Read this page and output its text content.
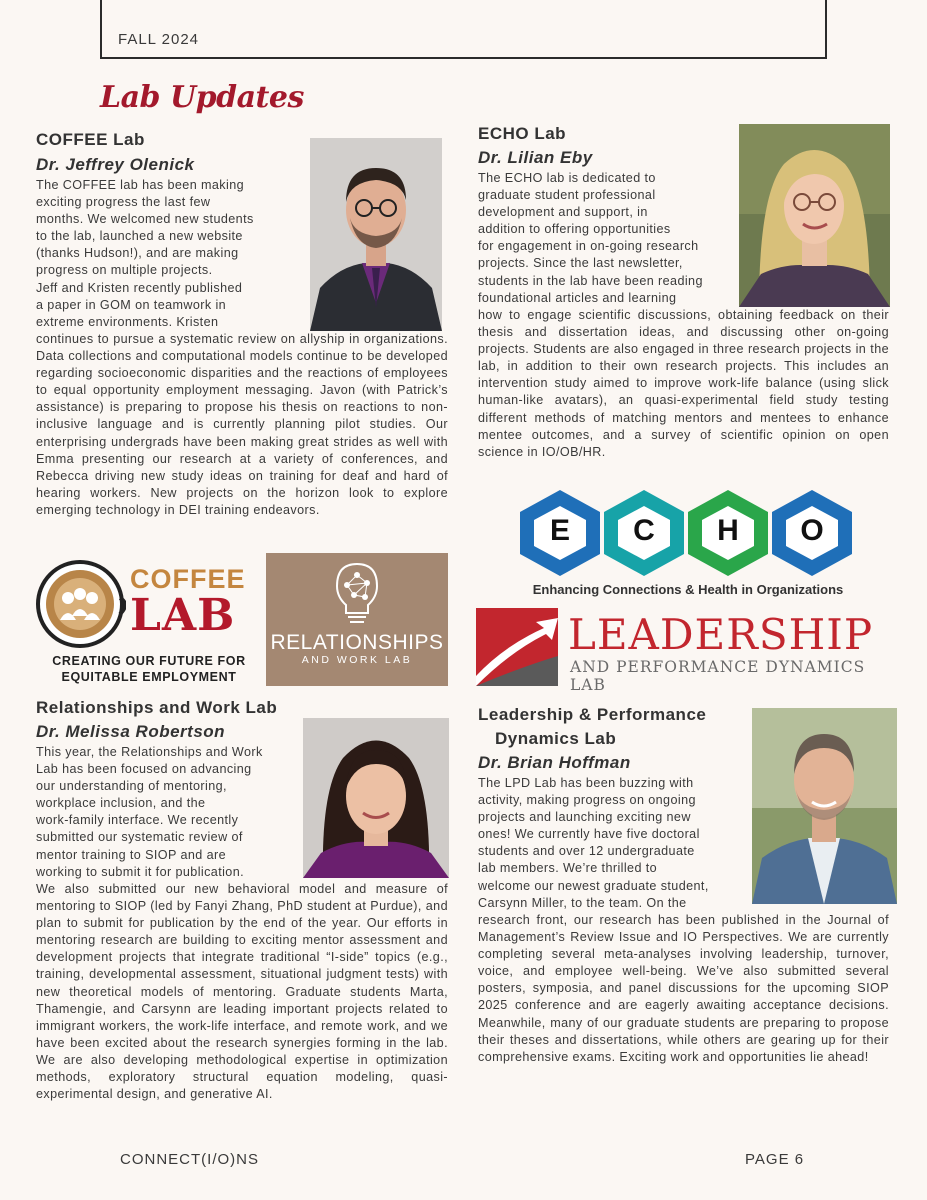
FALL 2024
Lab Updates
COFFEE Lab
Dr. Jeffrey Olenick
The COFFEE lab has been making
exciting progress the last few
months. We welcomed new students
to the lab, launched a new website
(thanks Hudson!), and are making
progress on multiple projects.
Jeff and Kristen recently published
a paper in GOM on teamwork in
extreme environments. Kristen
continues to pursue a systematic review on allyship in organizations. Data collections and computational models continue to be developed regarding socioeconomic disparities and the reactions of employees to equal opportunity employment messaging. Javon (with Patrick’s assistance) is preparing to propose his thesis on reactions to non-inclusive language and is currently planning pilot studies. Our enterprising undergrads have been making great strides as well with Emma presenting our research at a variety of conferences, and Rebecca driving new study ideas on training for deaf and hard of hearing workers. New projects on the horizon look to explore emerging technology in DEI training endeavors.
COFFEE
LAB
CREATING OUR FUTURE FOR
EQUITABLE EMPLOYMENT
RELATIONSHIPS
AND WORK LAB
Relationships and Work Lab
Dr. Melissa Robertson
This year, the Relationships and Work
Lab has been focused on advancing
our understanding of mentoring,
workplace inclusion, and the
work-family interface. We recently
submitted our systematic review of
mentor training to SIOP and are
working to submit it for publication.
We also submitted our new behavioral model and measure of mentoring to SIOP (led by Fanyi Zhang, PhD student at Purdue), and plan to submit for publication by the end of the year. Our efforts in mentoring research are building to exciting mentor assessment and development projects that integrate traditional “I-side” topics (e.g., training, developmental assessment, situational judgment tests) with new theoretical models of mentoring. Graduate students Marta, Thamengie, and Carsynn are leading important projects related to immigrant workers, the work-life interface, and remote work, and we have been excited about the research synergies forming in the lab. We are also developing methodological expertise in optimization methods, exploratory structural equation modeling, quasi-experimental design, and generative AI.
ECHO Lab
Dr. Lilian Eby
The ECHO lab is dedicated to
graduate student professional
development and support, in
addition to offering opportunities
for engagement in on-going research
projects. Since the last newsletter,
students in the lab have been reading
foundational articles and learning
how to engage scientific discussions, obtaining feedback on their thesis and dissertation ideas, and discussing other on-going projects. Students are also engaged in three research projects in the lab, in addition to their own research projects. This includes an intervention study aimed to improve work-life balance (using slick human-like avatars), an quasi-experimental field study testing different methods of matching mentors and mentees to enhance mentee outcomes, and a survey of scientific opinion on open science in IO/OB/HR.
E	C	H	O
Enhancing Connections & Health in Organizations
LEADERSHIP
AND PERFORMANCE DYNAMICS LAB
Leadership & Performance
Dynamics Lab
Dr. Brian Hoffman
The LPD Lab has been buzzing with
activity, making progress on ongoing
projects and launching exciting new
ones! We currently have five doctoral
students and over 12 undergraduate
lab members. We’re thrilled to
welcome our newest graduate student,
Carsynn Miller, to the team. On the
research front, our research has been published in the Journal of Management’s Review Issue and IO Perspectives. We are currently completing several meta-analyses involving leadership, turnover, voice, and employee well-being. We’ve also submitted several posters, symposia, and panel discussions for the upcoming SIOP 2025 conference and are eagerly awaiting acceptance decisions. Meanwhile, many of our graduate students are preparing to propose their theses and dissertations, while others are gearing up for their comprehensive exams. Exciting work and opportunities lie ahead!
CONNECT(I/O)NS	PAGE 6
